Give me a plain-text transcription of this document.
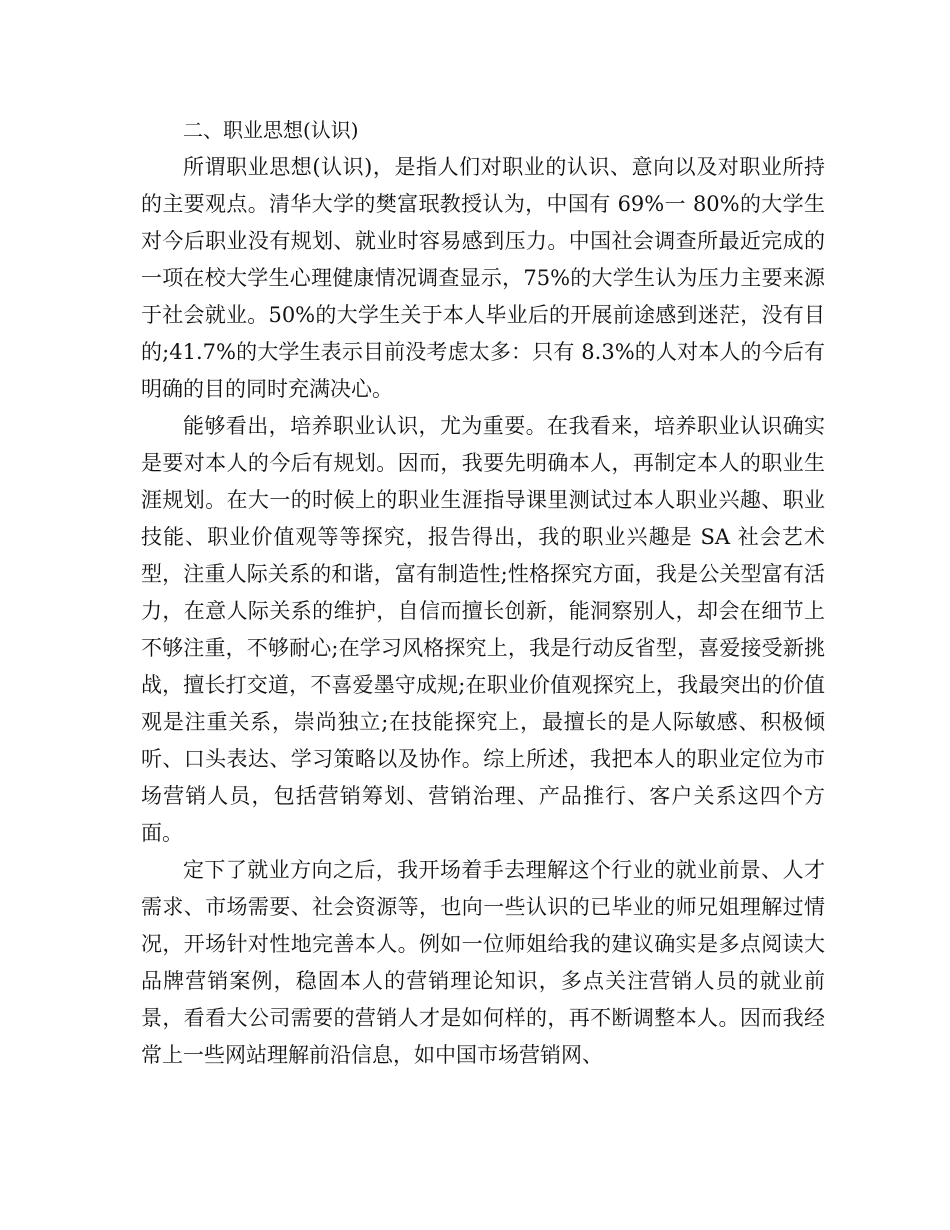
二、职业思想(认识)

所谓职业思想(认识)，是指人们对职业的认识、意向以及对职业所持的主要观点。清华大学的樊富珉教授认为，中国有 69%一 80%的大学生对今后职业没有规划、就业时容易感到压力。中国社会调查所最近完成的一项在校大学生心理健康情况调查显示，75%的大学生认为压力主要来源于社会就业。50%的大学生关于本人毕业后的开展前途感到迷茫，没有目的;41.7%的大学生表示目前没考虑太多：只有 8.3%的人对本人的今后有明确的目的同时充满决心。

能够看出，培养职业认识，尤为重要。在我看来，培养职业认识确实是要对本人的今后有规划。因而，我要先明确本人，再制定本人的职业生涯规划。在大一的时候上的职业生涯指导课里测试过本人职业兴趣、职业技能、职业价值观等等探究，报告得出，我的职业兴趣是 SA 社会艺术型，注重人际关系的和谐，富有制造性;性格探究方面，我是公关型富有活力，在意人际关系的维护，自信而擅长创新，能洞察别人，却会在细节上不够注重，不够耐心;在学习风格探究上，我是行动反省型，喜爱接受新挑战，擅长打交道，不喜爱墨守成规;在职业价值观探究上，我最突出的价值观是注重关系，崇尚独立;在技能探究上，最擅长的是人际敏感、积极倾听、口头表达、学习策略以及协作。综上所述，我把本人的职业定位为市场营销人员，包括营销筹划、营销治理、产品推行、客户关系这四个方面。

定下了就业方向之后，我开场着手去理解这个行业的就业前景、人才需求、市场需要、社会资源等，也向一些认识的已毕业的师兄姐理解过情况，开场针对性地完善本人。例如一位师姐给我的建议确实是多点阅读大品牌营销案例，稳固本人的营销理论知识，多点关注营销人员的就业前景，看看大公司需要的营销人才是如何样的，再不断调整本人。因而我经常上一些网站理解前沿信息，如中国市场营销网、
